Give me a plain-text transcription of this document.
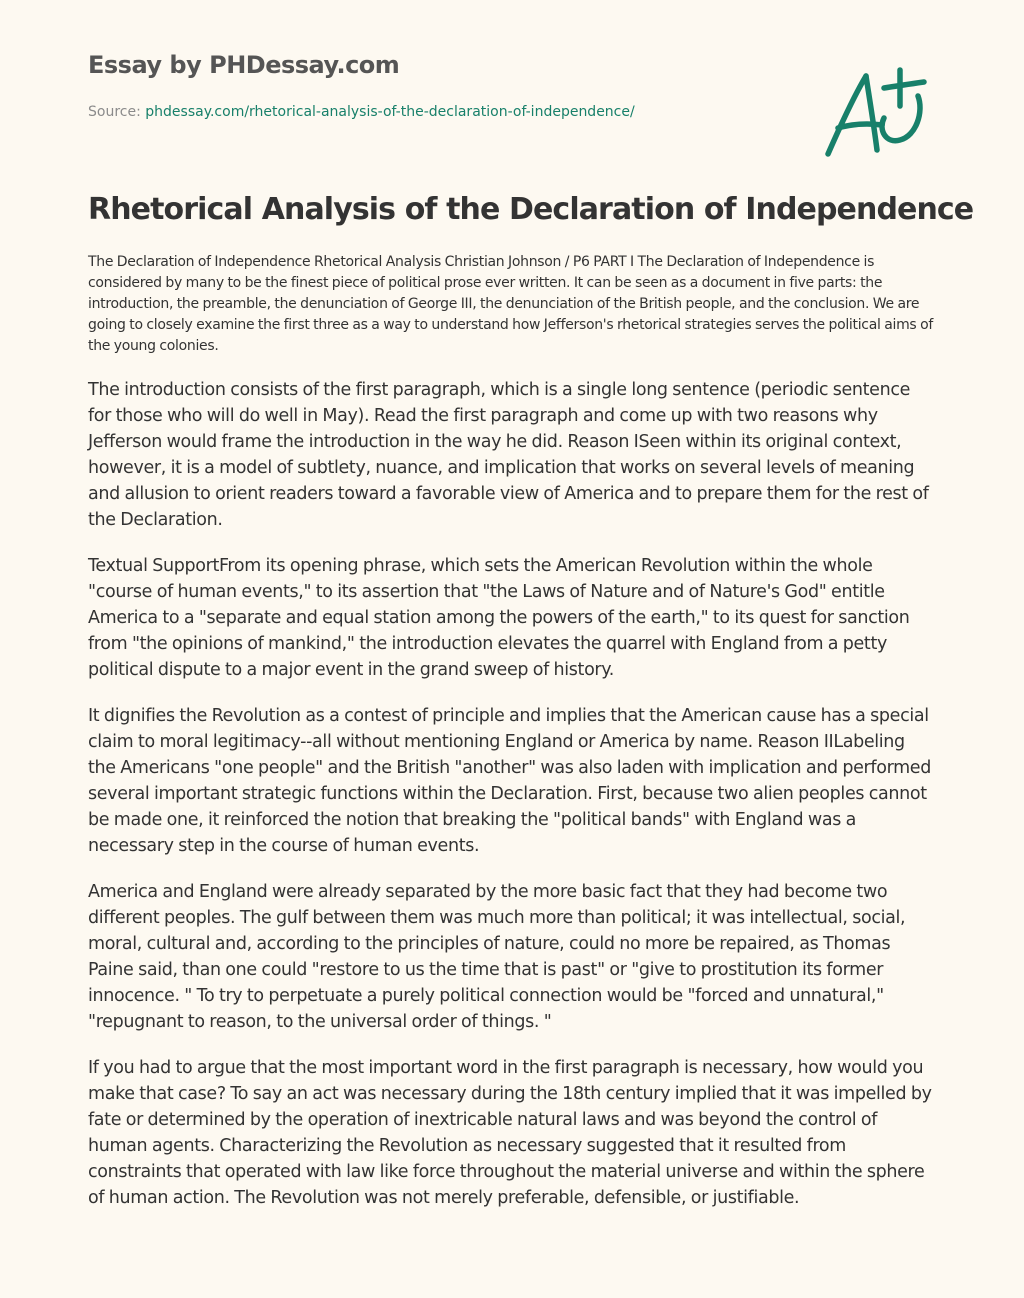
Essay by PHDessay.com
Source: phdessay.com/rhetorical-analysis-of-the-declaration-of-independence/
Rhetorical Analysis of the Declaration of Independence

The Declaration of Independence Rhetorical Analysis Christian Johnson / P6 PART I The Declaration of Independence is considered by many to be the finest piece of political prose ever written. It can be seen as a document in five parts: the introduction, the preamble, the denunciation of George III, the denunciation of the British people, and the conclusion. We are going to closely examine the first three as a way to understand how Jefferson's rhetorical strategies serves the political aims of the young colonies.

The introduction consists of the first paragraph, which is a single long sentence (periodic sentence for those who will do well in May). Read the first paragraph and come up with two reasons why Jefferson would frame the introduction in the way he did. Reason ISeen within its original context, however, it is a model of subtlety, nuance, and implication that works on several levels of meaning and allusion to orient readers toward a favorable view of America and to prepare them for the rest of the Declaration.

Textual SupportFrom its opening phrase, which sets the American Revolution within the whole "course of human events," to its assertion that "the Laws of Nature and of Nature's God" entitle America to a "separate and equal station among the powers of the earth," to its quest for sanction from "the opinions of mankind," the introduction elevates the quarrel with England from a petty political dispute to a major event in the grand sweep of history.

It dignifies the Revolution as a contest of principle and implies that the American cause has a special claim to moral legitimacy--all without mentioning England or America by name. Reason IILabeling the Americans "one people" and the British "another" was also laden with implication and performed several important strategic functions within the Declaration. First, because two alien peoples cannot be made one, it reinforced the notion that breaking the "political bands" with England was a necessary step in the course of human events.

America and England were already separated by the more basic fact that they had become two different peoples. The gulf between them was much more than political; it was intellectual, social, moral, cultural and, according to the principles of nature, could no more be repaired, as Thomas Paine said, than one could "restore to us the time that is past" or "give to prostitution its former innocence. " To try to perpetuate a purely political connection would be "forced and unnatural," "repugnant to reason, to the universal order of things. "

If you had to argue that the most important word in the first paragraph is necessary, how would you make that case? To say an act was necessary during the 18th century implied that it was impelled by fate or determined by the operation of inextricable natural laws and was beyond the control of human agents. Characterizing the Revolution as necessary suggested that it resulted from constraints that operated with law like force throughout the material universe and within the sphere of human action. The Revolution was not merely preferable, defensible, or justifiable.
